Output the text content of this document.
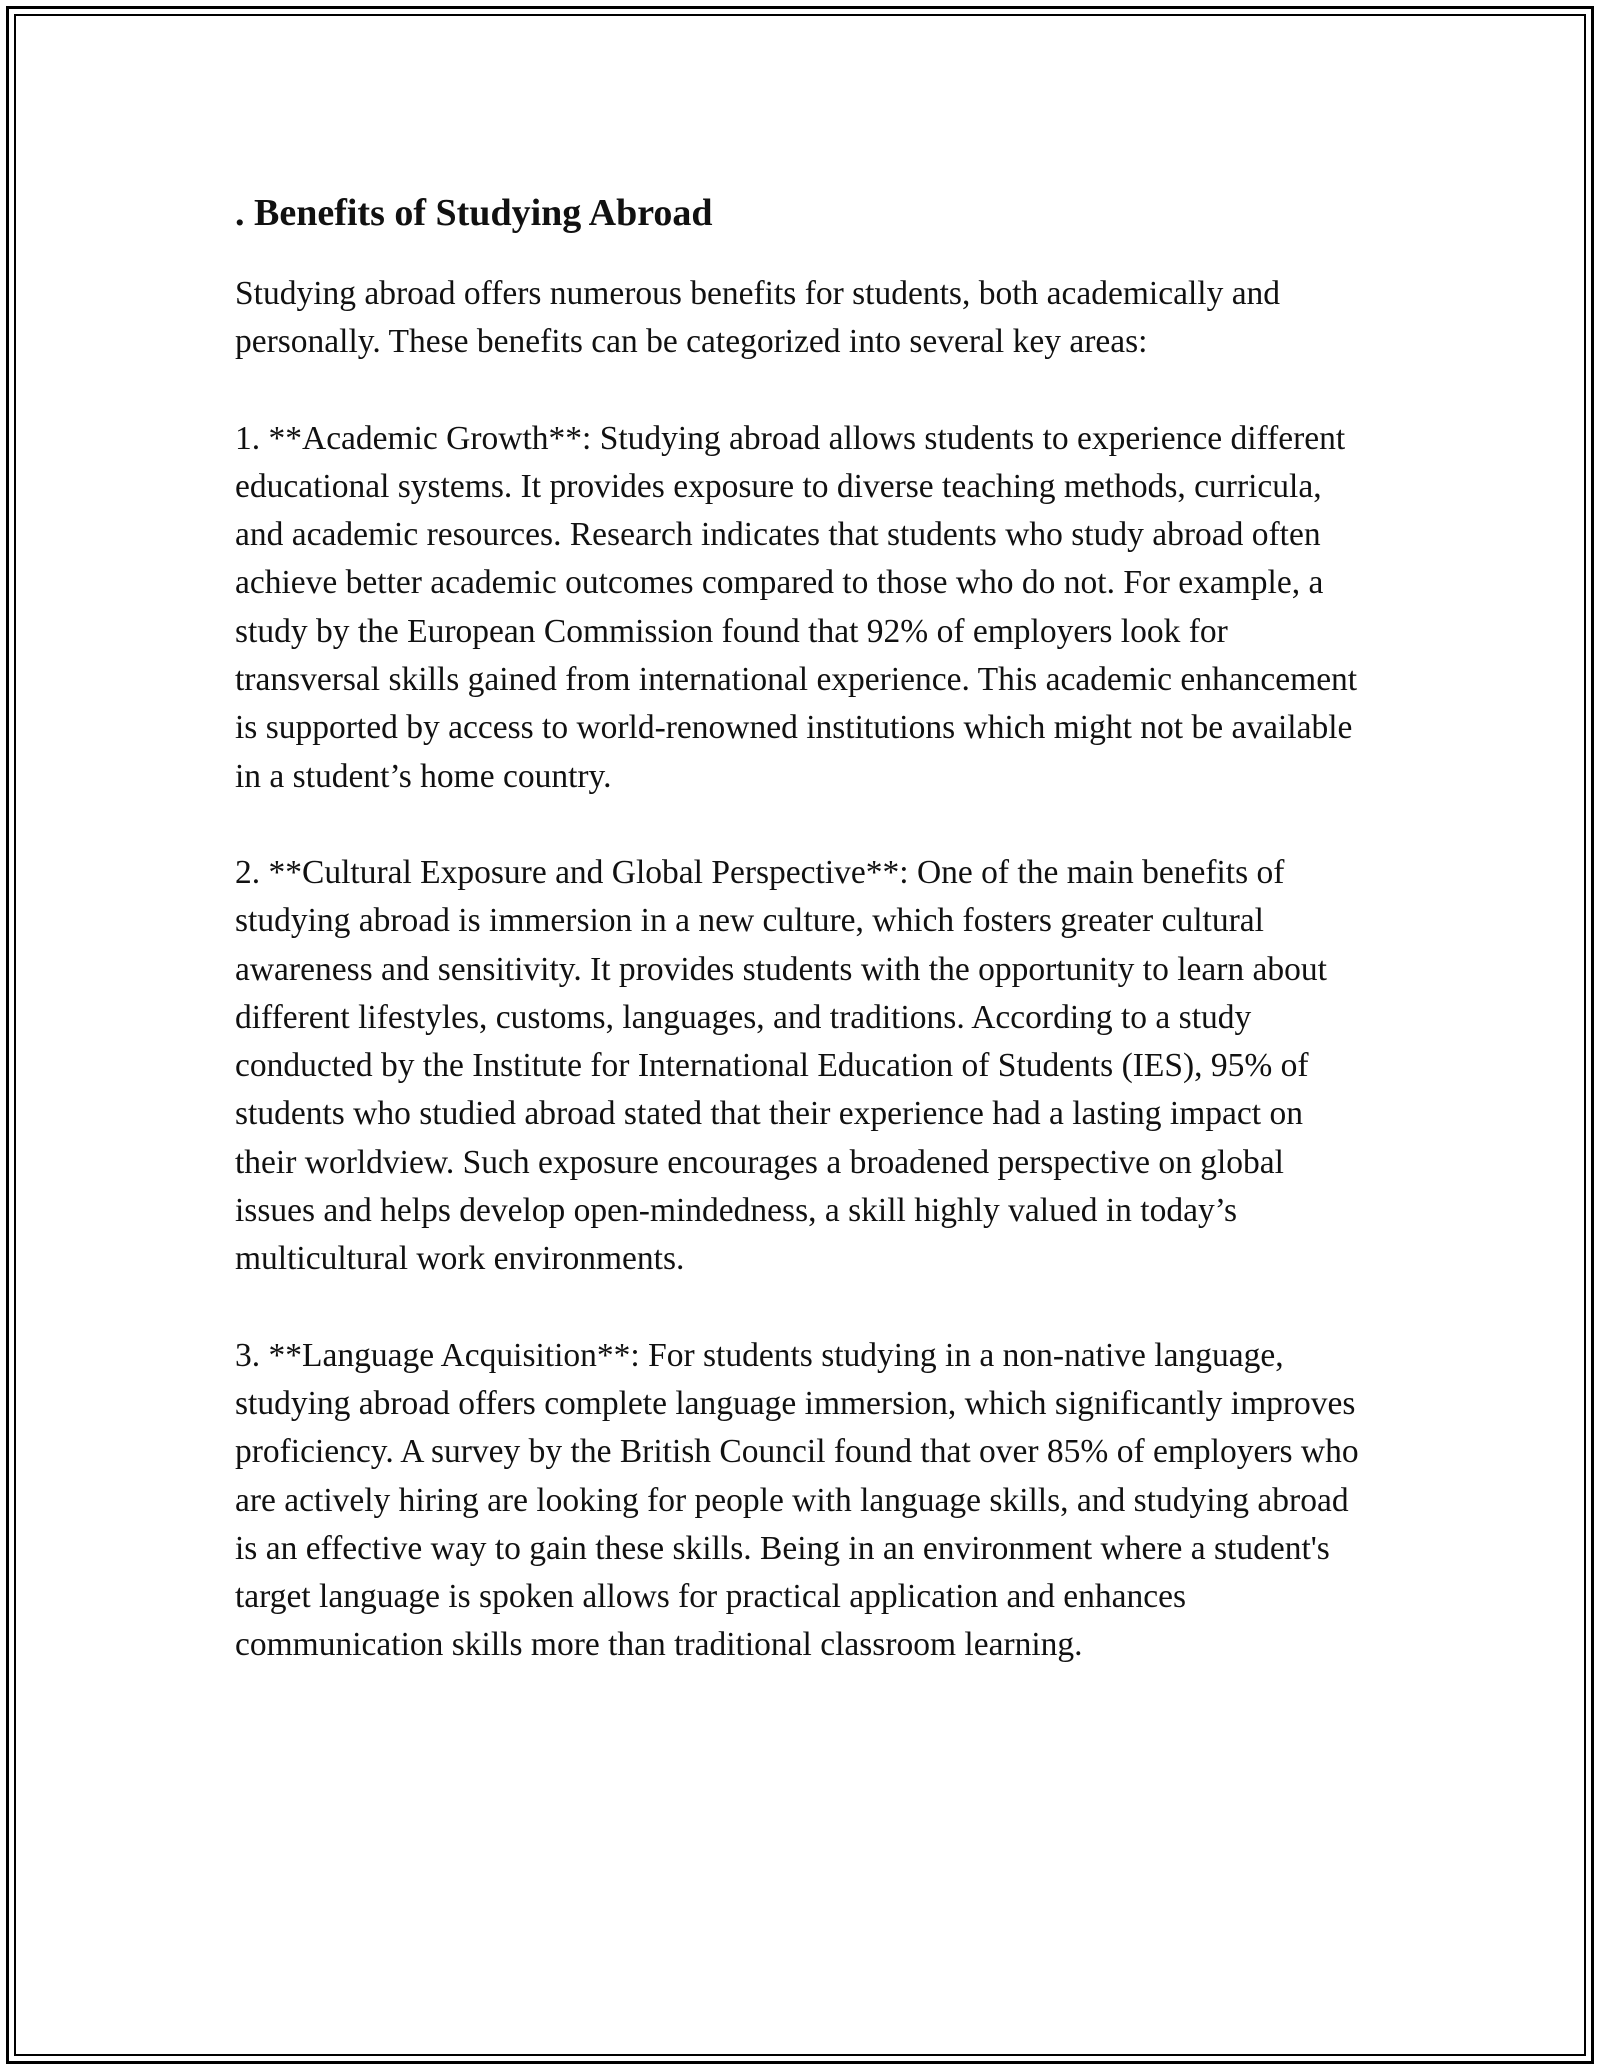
. Benefits of Studying Abroad

Studying abroad offers numerous benefits for students, both academically and personally. These benefits can be categorized into several key areas:

1. **Academic Growth**: Studying abroad allows students to experience different educational systems. It provides exposure to diverse teaching methods, curricula, and academic resources. Research indicates that students who study abroad often achieve better academic outcomes compared to those who do not. For example, a study by the European Commission found that 92% of employers look for transversal skills gained from international experience. This academic enhancement is supported by access to world-renowned institutions which might not be available in a student’s home country.

2. **Cultural Exposure and Global Perspective**: One of the main benefits of studying abroad is immersion in a new culture, which fosters greater cultural awareness and sensitivity. It provides students with the opportunity to learn about different lifestyles, customs, languages, and traditions. According to a study conducted by the Institute for International Education of Students (IES), 95% of students who studied abroad stated that their experience had a lasting impact on their worldview. Such exposure encourages a broadened perspective on global issues and helps develop open-mindedness, a skill highly valued in today’s multicultural work environments.

3. **Language Acquisition**: For students studying in a non-native language, studying abroad offers complete language immersion, which significantly improves proficiency. A survey by the British Council found that over 85% of employers who are actively hiring are looking for people with language skills, and studying abroad is an effective way to gain these skills. Being in an environment where a student's target language is spoken allows for practical application and enhances communication skills more than traditional classroom learning.
